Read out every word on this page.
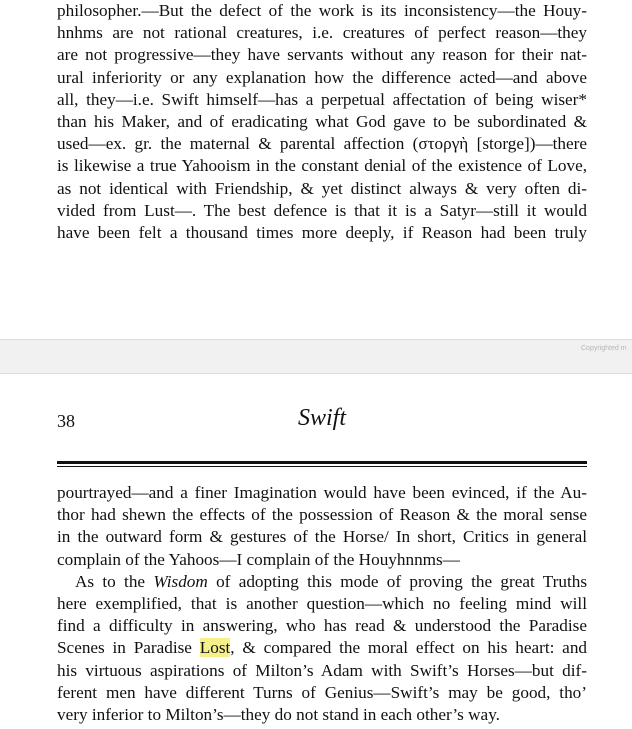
philosopher.—But the defect of the work is its inconsistency—the Houy-
hnhms are not rational creatures, i.e. creatures of perfect reason—they
are not progressive—they have servants without any reason for their nat-
ural inferiority or any explanation how the difference acted—and above
all, they—i.e. Swift himself—has a perpetual affectation of being wiser*
than his Maker, and of eradicating what God gave to be subordinated &
used—ex. gr. the maternal & parental affection (στοργὴ [storge])—there
is likewise a true Yahooism in the constant denial of the existence of Love,
as not identical with Friendship, & yet distinct always & very often di-
vided from Lust—. The best defence is that it is a Satyr—still it would
have been felt a thousand times more deeply, if Reason had been truly
Copyrighted m
38	Swift
pourtrayed—and a finer Imagination would have been evinced, if the Au-
thor had shewn the effects of the possession of Reason & the moral sense
in the outward form & gestures of the Horse/ In short, Critics in general
complain of the Yahoos—I complain of the Houyhnnms—
As to the Wisdom of adopting this mode of proving the great Truths
here exemplified, that is another question—which no feeling mind will
find a difficulty in answering, who has read & understood the Paradise
Scenes in Paradise Lost, & compared the moral effect on his heart: and
his virtuous aspirations of Milton’s Adam with Swift’s Horses—but dif-
ferent men have different Turns of Genius—Swift’s may be good, tho’
very inferior to Milton’s—they do not stand in each other’s way.
